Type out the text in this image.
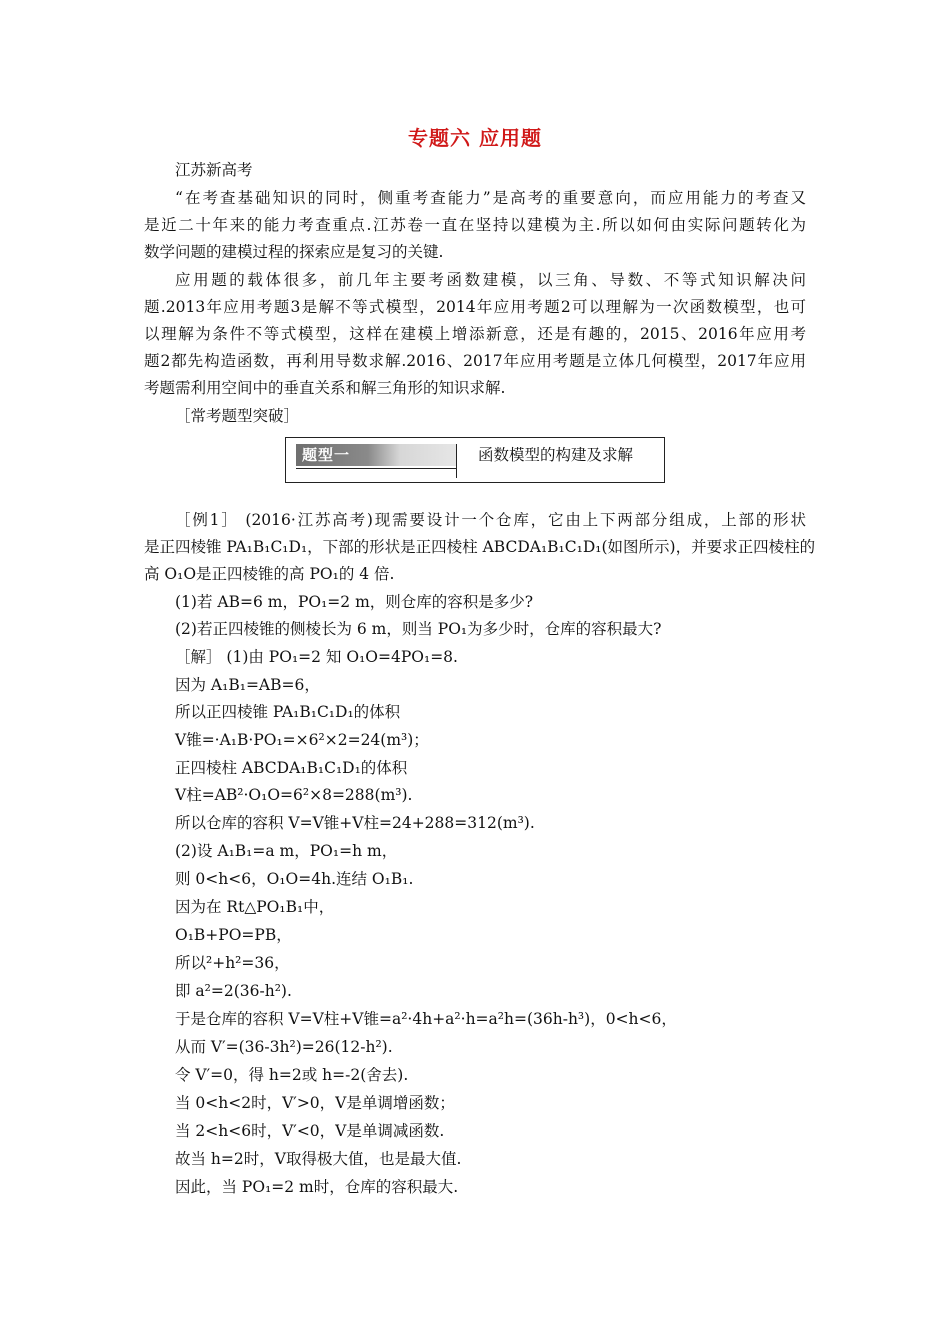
专题六 应用题
江苏新高考
“在考查基础知识的同时，侧重考查能力”是高考的重要意向，而应用能力的考查又
是近二十年来的能力考查重点.江苏卷一直在坚持以建模为主.所以如何由实际问题转化为
数学问题的建模过程的探索应是复习的关键.
应用题的载体很多，前几年主要考函数建模，以三角、导数、不等式知识解决问
题.2013年应用考题3是解不等式模型，2014年应用考题2可以理解为一次函数模型，也可
以理解为条件不等式模型，这样在建模上增添新意，还是有趣的，2015、2016年应用考
题2都先构造函数，再利用导数求解.2016、2017年应用考题是立体几何模型，2017年应用
考题需利用空间中的垂直关系和解三角形的知识求解.
［常考题型突破］
题型一	函数模型的构建及求解
［例1］ (2016·江苏高考)现需要设计一个仓库，它由上下两部分组成，上部的形状
是正四棱锥 PA₁B₁C₁D₁，下部的形状是正四棱柱 ABCDA₁B₁C₁D₁(如图所示)，并要求正四棱柱的
高 O₁O是正四棱锥的高 PO₁的 4 倍.
(1)若 AB=6 m，PO₁=2 m，则仓库的容积是多少?
(2)若正四棱锥的侧棱长为 6 m，则当 PO₁为多少时，仓库的容积最大?
［解］ (1)由 PO₁=2 知 O₁O=4PO₁=8.
因为 A₁B₁=AB=6，
所以正四棱锥 PA₁B₁C₁D₁的体积
V锥=·A₁B·PO₁=×6²×2=24(m³)；
正四棱柱 ABCDA₁B₁C₁D₁的体积
V柱=AB²·O₁O=6²×8=288(m³).
所以仓库的容积 V=V锥+V柱=24+288=312(m³).
(2)设 A₁B₁=a m，PO₁=h m，
则 0<h<6，O₁O=4h.连结 O₁B₁.
因为在 Rt△PO₁B₁中，
O₁B+PO=PB，
所以²+h²=36，
即 a²=2(36-h²).
于是仓库的容积 V=V柱+V锥=a²·4h+a²·h=a²h=(36h-h³)，0<h<6，
从而 V′=(36-3h²)=26(12-h²).
令 V′=0，得 h=2或 h=-2(舍去).
当 0<h<2时，V′>0，V是单调增函数；
当 2<h<6时，V′<0，V是单调减函数.
故当 h=2时，V取得极大值，也是最大值.
因此，当 PO₁=2 m时，仓库的容积最大.
